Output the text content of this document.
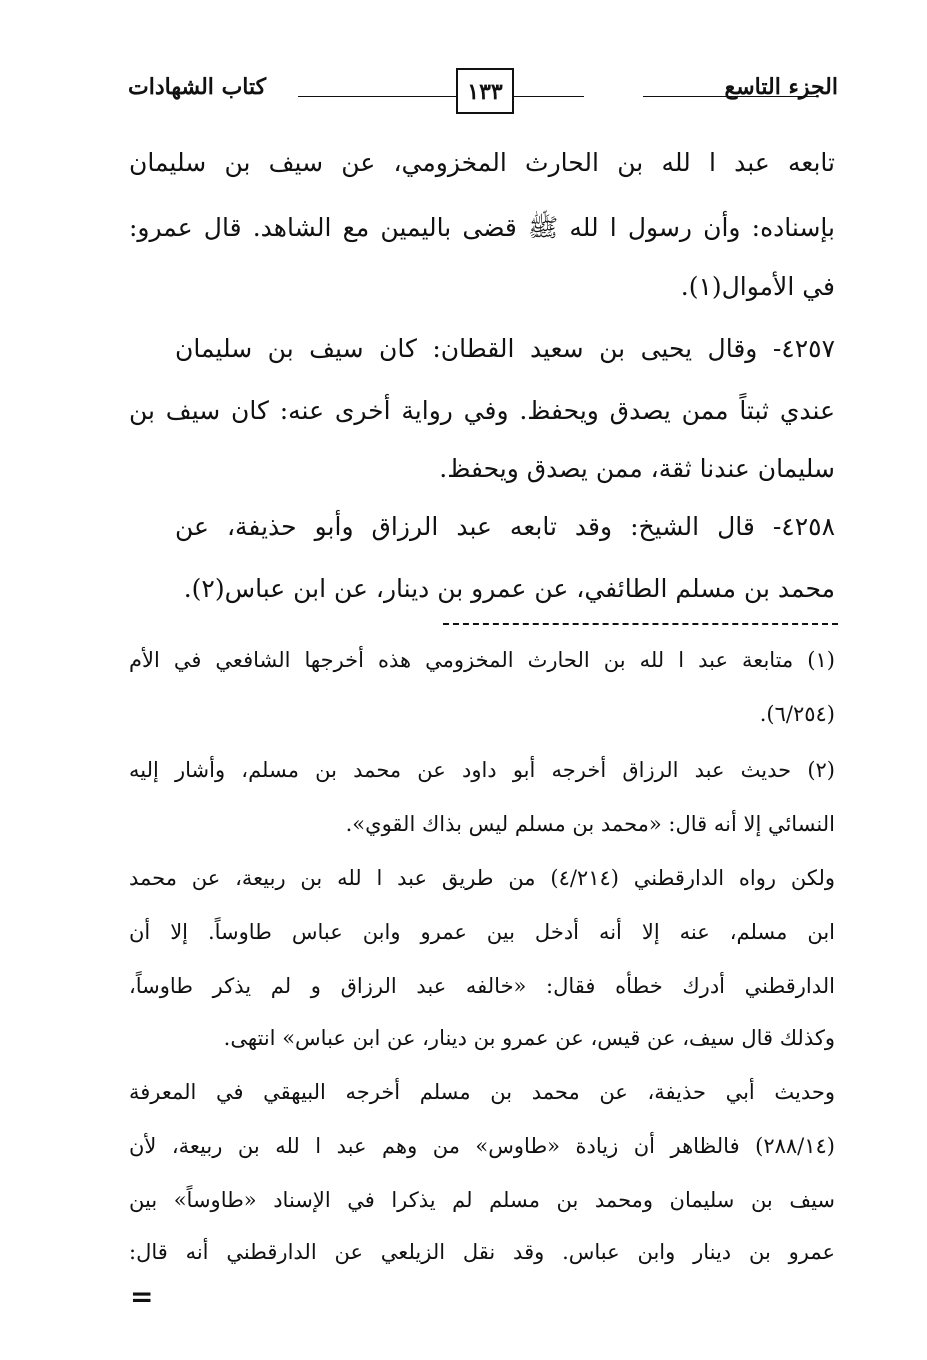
كتاب الشهادات	الجزء التاسع
١٣٣
تابعه عبد ا لله بن الحارث المخزومي، عن سيف بن سليمان
بإسناده: وأن رسول ا لله ﷺ قضى باليمين مع الشاهد. قال عمرو:
في الأموال(١).
٤٢٥٧- وقال يحيى بن سعيد القطان: كان سيف بن سليمان
عندي ثبتاً ممن يصدق ويحفظ. وفي رواية أخرى عنه: كان سيف بن
سليمان عندنا ثقة، ممن يصدق ويحفظ.
٤٢٥٨- قال الشيخ: وقد تابعه عبد الرزاق وأبو حذيفة، عن
محمد بن مسلم الطائفي، عن عمرو بن دينار، عن ابن عباس(٢).
(١) متابعة عبد ا لله بن الحارث المخزومي هذه أخرجها الشافعي في الأم
(٦/٢٥٤).
(٢) حديث عبد الرزاق أخرجه أبو داود عن محمد بن مسلم، وأشار إليه
النسائي إلا أنه قال: «محمد بن مسلم ليس بذاك القوي».
ولكن رواه الدارقطني (٤/٢١٤) من طريق عبد ا لله بن ربيعة، عن محمد
ابن مسلم، عنه إلا أنه أدخل بين عمرو وابن عباس طاوساً. إلا أن
الدارقطني أدرك خطأه فقال: «خالفه عبد الرزاق و لم يذكر طاوساً،
وكذلك قال سيف، عن قيس، عن عمرو بن دينار، عن ابن عباس» انتهى.
وحديث أبي حذيفة، عن محمد بن مسلم أخرجه البيهقي في المعرفة
(٢٨٨/١٤) فالظاهر أن زيادة «طاوس» من وهم عبد ا لله بن ربيعة، لأن
سيف بن سليمان ومحمد بن مسلم لم يذكرا في الإسناد «طاوساً» بين
عمرو بن دينار وابن عباس. وقد نقل الزيلعي عن الدارقطني أنه قال:
=
